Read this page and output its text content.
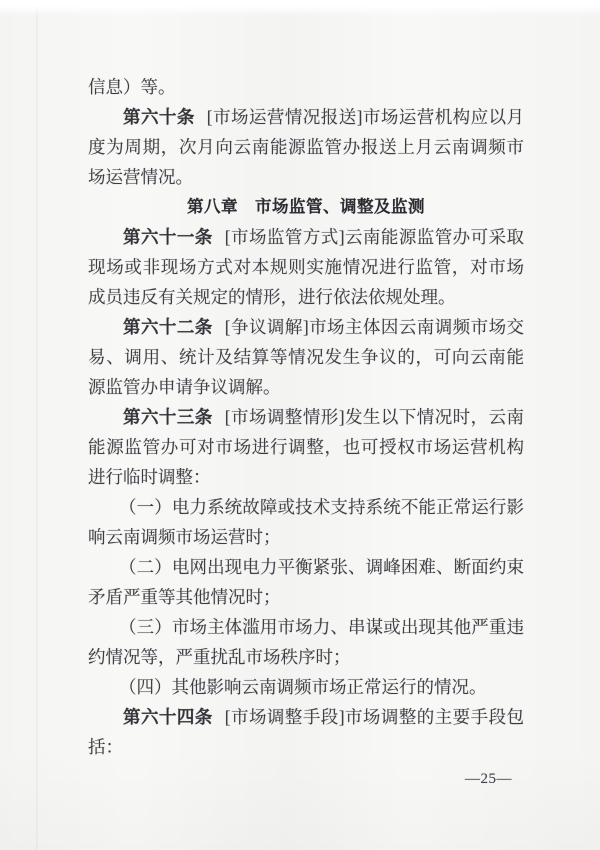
信息）等。

第六十条 [市场运营情况报送]市场运营机构应以月度为周期，次月向云南能源监管办报送上月云南调频市场运营情况。

第八章　市场监管、调整及监测

第六十一条 [市场监管方式]云南能源监管办可采取现场或非现场方式对本规则实施情况进行监管，对市场成员违反有关规定的情形，进行依法依规处理。

第六十二条 [争议调解]市场主体因云南调频市场交易、调用、统计及结算等情况发生争议的，可向云南能源监管办申请争议调解。

第六十三条 [市场调整情形]发生以下情况时，云南能源监管办可对市场进行调整，也可授权市场运营机构进行临时调整：

（一）电力系统故障或技术支持系统不能正常运行影响云南调频市场运营时；

（二）电网出现电力平衡紧张、调峰困难、断面约束矛盾严重等其他情况时；

（三）市场主体滥用市场力、串谋或出现其他严重违约情况等，严重扰乱市场秩序时；

（四）其他影响云南调频市场正常运行的情况。

第六十四条 [市场调整手段]市场调整的主要手段包括：

—25—
